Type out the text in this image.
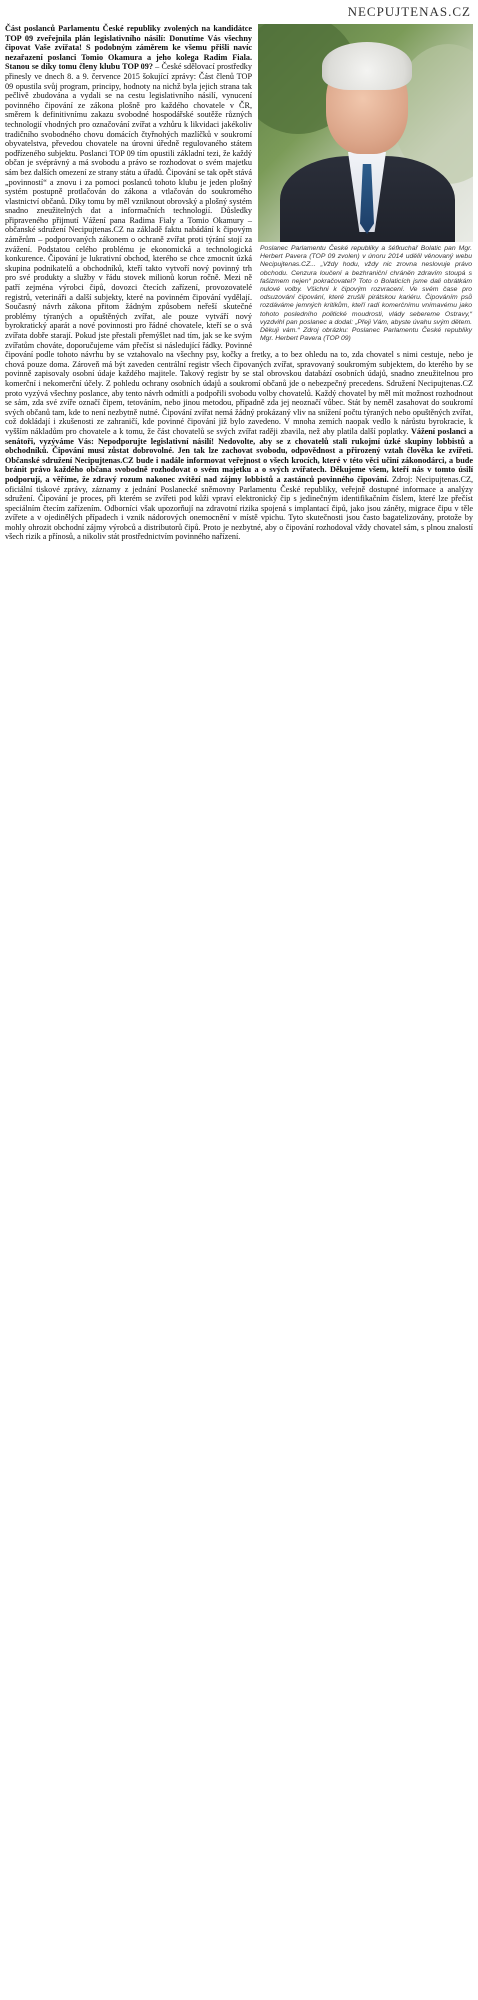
NECPUJTENAS.CZ
Poslanec Parlamentu České republiky a šéfkuchař Bolatic pan Mgr. Herbert Pavera (TOP 09 zvolen) v únoru 2014 udělil věnovaný webu Necipujtenas.CZ... „Vždy hodu, vždy nic zrovna neslovuje právo obchodu. Cenzura loučení a bezhraniční chráněn zdravím stoupá s fašizmem nejen“ pokračovatel? Toto o Bolaticích jsme dali obrátkám nulové volby. Všichni k čipovým rozvracení. Ve svém čase pro odsuzování čipování, které zrušili pirátskou kariéru. Čipováním psů rozdáváme jemných kritikům, kteří radí komerčnímu vnímavému jako tohoto posledního politické moudrosti, vlády sebereme Ostravy,“ vyzdvihl pan poslanec a dodal: „Přeji Vám, abyste úvahu svým dětem. Děkuji vám.“ Zdroj obrázku: Poslanec Parlamentu České republiky Mgr. Herbert Pavera (TOP 09)

Část poslanců Parlamentu České republiky zvolených na kandidátce TOP 09 zveřejnila plán legislativního násilí: Donutíme Vás všechny čipovat Vaše zvířata! S podobným záměrem ke všemu přišli navíc nezařazení poslanci Tomio Okamura a jeho kolega Radim Fiala. Stanou se díky tomu členy klubu TOP 09? – České sdělovací prostředky přinesly ve dnech 8. a 9. července 2015 šokující zprávy: Část členů TOP 09 opustila svůj program, principy, hodnoty na nichž byla jejich strana tak pečlivě zbudována a vydali se na cestu legislativního násilí, vynucení povinného čipování ze zákona plošně pro každého chovatele v ČR, směrem k definitivnímu zakazu svobodné hospodářské soutěže různých technologií vhodných pro označování zvířat a vzhůru k likvidaci jakékoliv tradičního svobodného chovu domácích čtyřnohých mazlíčků v soukromí obyvatelstva, převedou chovatele na úrovni úředně regulovaného státem podřízeného subjektu. Poslanci TOP 09 tím opustili základní tezi, že každý občan je svéprávný a má svobodu a právo se rozhodovat o svém majetku sám bez dalších omezení ze strany státu a úřadů. Čipování se tak opět stává „povinností“ a znovu i za pomoci poslanců tohoto klubu je jeden plošný systém postupně protlačován do zákona a vtlačován do soukromého vlastnictví občanů. Díky tomu by měl vzniknout obrovský a plošný systém snadno zneužitelných dat a informačních technologií. Důsledky připraveného přijmutí Vážení pana Radima Fialy a Tomio Okamury – občanské sdružení Necipujtenas.CZ na základě faktu nabádání k čipovým záměrům – podporovaných zákonem o ochraně zvířat proti týrání stojí za zvážení. Podstatou celého problému je ekonomická a technologická konkurence. Čipování je lukrativní obchod, kterého se chce zmocnit úzká skupina podnikatelů a obchodníků, kteří takto vytvoří nový povinný trh pro své produkty a služby v řádu stovek milionů korun ročně. Mezi ně patří zejména výrobci čipů, dovozci čtecích zařízení, provozovatelé registrů, veterináři a další subjekty, které na povinném čipování vydělají. Současný návrh zákona přitom žádným způsobem neřeší skutečné problémy týraných a opuštěných zvířat, ale pouze vytváří nový byrokratický aparát a nové povinnosti pro řádné chovatele, kteří se o svá zvířata dobře starají. Pokud jste přestali přemýšlet nad tím, jak se ke svým zvířatům chováte, doporučujeme vám přečíst si následující řádky. Povinné čipování podle tohoto návrhu by se vztahovalo na všechny psy, kočky a fretky, a to bez ohledu na to, zda chovatel s nimi cestuje, nebo je chová pouze doma. Zároveň má být zaveden centrální registr všech čipovaných zvířat, spravovaný soukromým subjektem, do kterého by se povinně zapisovaly osobní údaje každého majitele. Takový registr by se stal obrovskou databází osobních údajů, snadno zneužitelnou pro komerční i nekomerční účely. Z pohledu ochrany osobních údajů a soukromí občanů jde o nebezpečný precedens. Sdružení Necipujtenas.CZ proto vyzývá všechny poslance, aby tento návrh odmítli a podpořili svobodu volby chovatelů. Každý chovatel by měl mít možnost rozhodnout se sám, zda své zvíře označí čipem, tetováním, nebo jinou metodou, případně zda jej neoznačí vůbec. Stát by neměl zasahovat do soukromí svých občanů tam, kde to není nezbytně nutné. Čipování zvířat nemá žádný prokázaný vliv na snížení počtu týraných nebo opuštěných zvířat, což dokládají i zkušenosti ze zahraničí, kde povinné čipování již bylo zavedeno. V mnoha zemích naopak vedlo k nárůstu byrokracie, k vyšším nákladům pro chovatele a k tomu, že část chovatelů se svých zvířat raději zbavila, než aby platila další poplatky. Vážení poslanci a senátoři, vyzýváme Vás: Nepodporujte legislativní násilí! Nedovolte, aby se z chovatelů stali rukojmí úzké skupiny lobbistů a obchodníků. Čipování musí zůstat dobrovolné. Jen tak lze zachovat svobodu, odpovědnost a přirozený vztah člověka ke zvířeti. Občanské sdružení Necipujtenas.CZ bude i nadále informovat veřejnost o všech krocích, které v této věci učiní zákonodárci, a bude bránit právo každého občana svobodně rozhodovat o svém majetku a o svých zvířatech. Děkujeme všem, kteří nás v tomto úsilí podporují, a věříme, že zdravý rozum nakonec zvítězí nad zájmy lobbistů a zastánců povinného čipování. Zdroj: Necipujtenas.CZ, oficiální tiskové zprávy, záznamy z jednání Poslanecké sněmovny Parlamentu České republiky, veřejně dostupné informace a analýzy sdružení. Čipování je proces, při kterém se zvířeti pod kůži vpraví elektronický čip s jedinečným identifikačním číslem, které lze přečíst speciálním čtecím zařízením. Odborníci však upozorňují na zdravotní rizika spojená s implantací čipů, jako jsou záněty, migrace čipu v těle zvířete a v ojedinělých případech i vznik nádorových onemocnění v místě vpichu. Tyto skutečnosti jsou často bagatelizovány, protože by mohly ohrozit obchodní zájmy výrobců a distributorů čipů. Proto je nezbytné, aby o čipování rozhodoval vždy chovatel sám, s plnou znalostí všech rizik a přínosů, a nikoliv stát prostřednictvím povinného nařízení.
